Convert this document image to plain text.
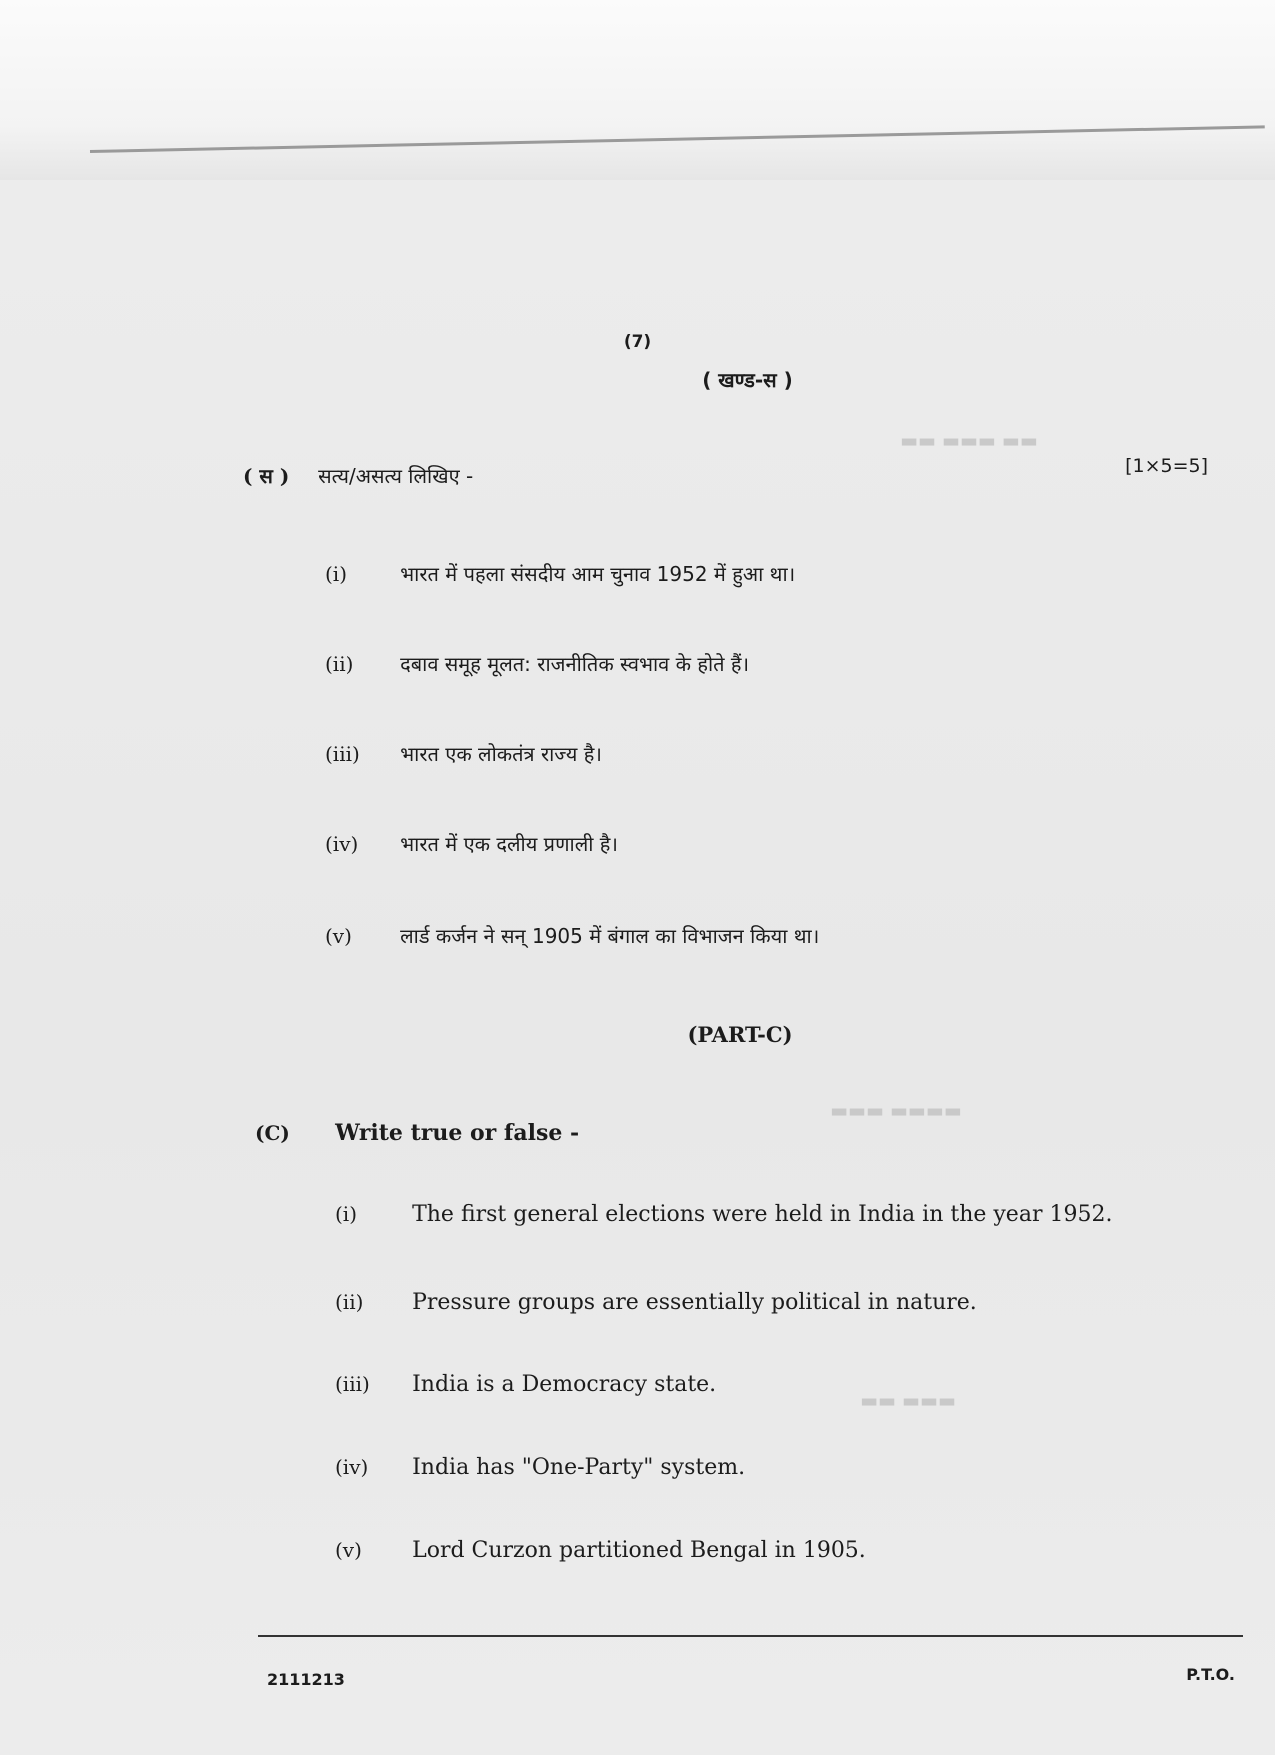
▬▬ ▬▬▬ ▬▬
▬▬▬▬ ▬▬▬
▬▬▬ ▬▬
(7)
( खण्ड-स )
( स ) सत्य/असत्य लिखिए -	[1×5=5]
(i)	भारत में पहला संसदीय आम चुनाव 1952 में हुआ था।
(ii) दबाव समूह मूलत: राजनीतिक स्वभाव के होते हैं।
(iii) भारत एक लोकतंत्र राज्य है।
(iv) भारत में एक दलीय प्रणाली है।
(v) लार्ड कर्जन ने सन् 1905 में बंगाल का विभाजन किया था।
(PART-C)
(C) Write true or false -
(i)	The first general elections were held in India in the year 1952.
(ii) Pressure groups are essentially political in nature.
(iii) India is a Democracy state.
(iv) India has "One-Party" system.
(v) Lord Curzon partitioned Bengal in 1905.
2111213	P.T.O.
